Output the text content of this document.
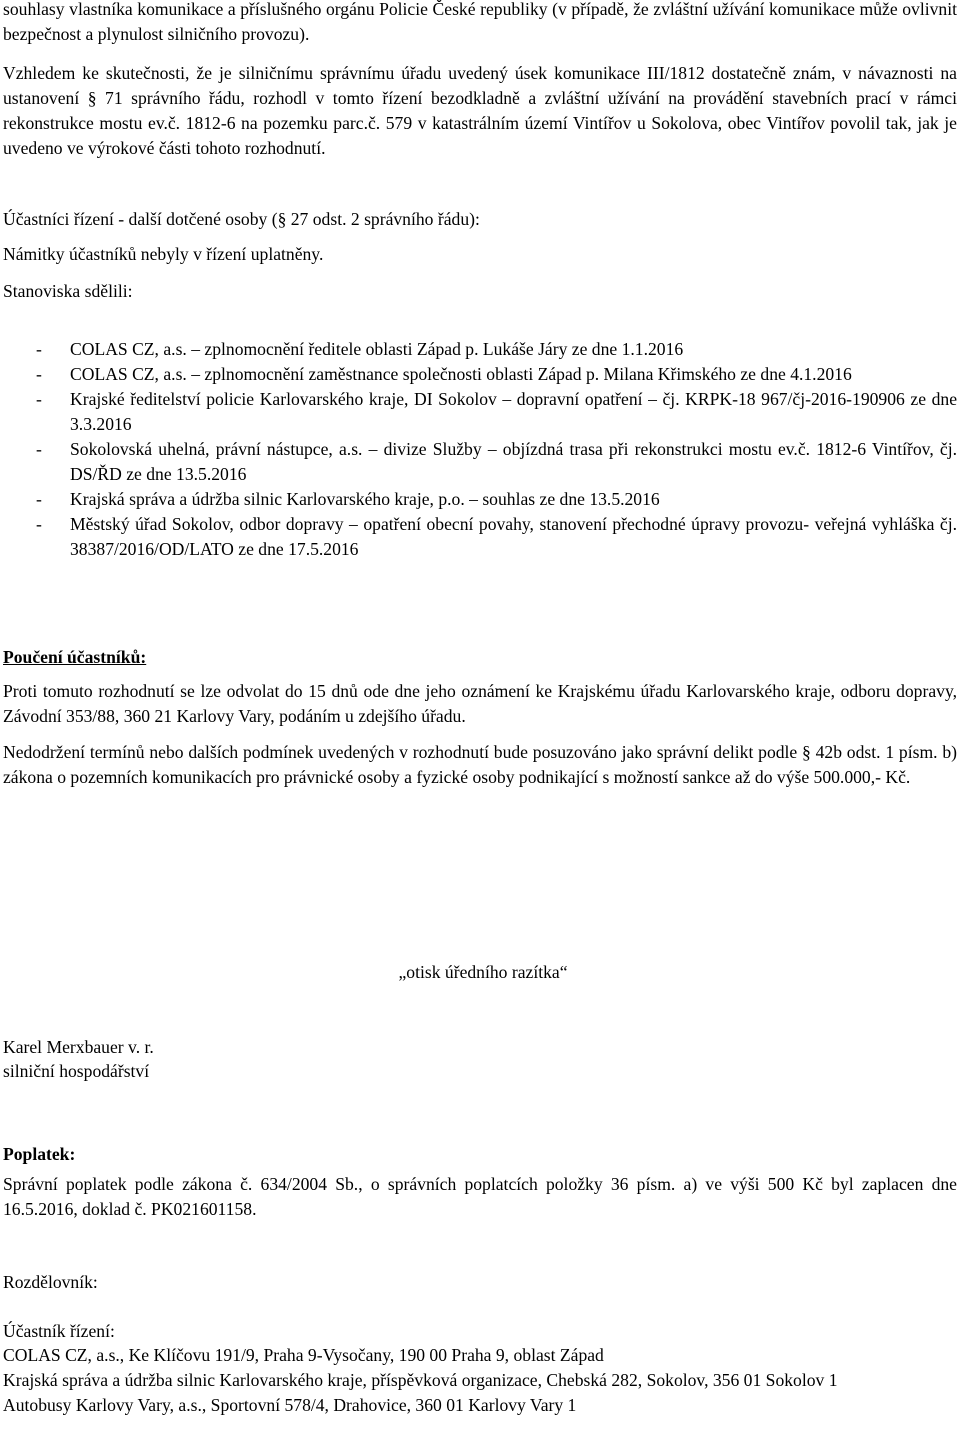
souhlasy vlastníka komunikace a příslušného orgánu Policie České republiky (v případě, že zvláštní užívání komunikace může ovlivnit bezpečnost a plynulost silničního provozu).

Vzhledem ke skutečnosti, že je silničnímu správnímu úřadu uvedený úsek komunikace III/1812 dostatečně znám, v návaznosti na ustanovení § 71 správního řádu, rozhodl v tomto řízení bezodkladně a zvláštní užívání na provádění stavebních prací v rámci rekonstrukce mostu ev.č. 1812-6 na pozemku parc.č. 579 v katastrálním území Vintířov u Sokolova, obec Vintířov povolil tak, jak je uvedeno ve výrokové části tohoto rozhodnutí.

Účastníci řízení - další dotčené osoby (§ 27 odst. 2 správního řádu):

Námitky účastníků nebyly v řízení uplatněny.

Stanoviska sdělili:

- COLAS CZ, a.s. – zplnomocnění ředitele oblasti Západ p. Lukáše Járy ze dne 1.1.2016
- COLAS CZ, a.s. – zplnomocnění zaměstnance společnosti oblasti Západ p. Milana Křimského ze dne 4.1.2016
- Krajské ředitelství policie Karlovarského kraje, DI Sokolov – dopravní opatření – čj. KRPK-18 967/čj-2016-190906 ze dne 3.3.2016
- Sokolovská uhelná, právní nástupce, a.s. – divize Služby – objízdná trasa při rekonstrukci mostu ev.č. 1812-6 Vintířov, čj. DS/ŘD ze dne 13.5.2016
- Krajská správa a údržba silnic Karlovarského kraje, p.o. – souhlas ze dne 13.5.2016
- Městský úřad Sokolov, odbor dopravy – opatření obecní povahy, stanovení přechodné úpravy provozu- veřejná vyhláška čj. 38387/2016/OD/LATO ze dne 17.5.2016

Poučení účastníků:

Proti tomuto rozhodnutí se lze odvolat do 15 dnů ode dne jeho oznámení ke Krajskému úřadu Karlovarského kraje, odboru dopravy, Závodní 353/88, 360 21 Karlovy Vary, podáním u zdejšího úřadu.

Nedodržení termínů nebo dalších podmínek uvedených v rozhodnutí bude posuzováno jako správní delikt podle § 42b odst. 1 písm. b) zákona o pozemních komunikacích pro právnické osoby a fyzické osoby podnikající s možností sankce až do výše 500.000,- Kč.

„otisk úředního razítka“

Karel Merxbauer v. r.

silniční hospodářství

Poplatek:

Správní poplatek podle zákona č. 634/2004 Sb., o správních poplatcích položky 36 písm. a) ve výši 500 Kč byl zaplacen dne 16.5.2016, doklad č. PK021601158.

Rozdělovník:

Účastník řízení:

COLAS CZ, a.s., Ke Klíčovu 191/9, Praha 9-Vysočany, 190 00 Praha 9, oblast Západ

Krajská správa a údržba silnic Karlovarského kraje, příspěvková organizace, Chebská 282, Sokolov, 356 01 Sokolov 1

Autobusy Karlovy Vary, a.s., Sportovní 578/4, Drahovice, 360 01 Karlovy Vary 1
